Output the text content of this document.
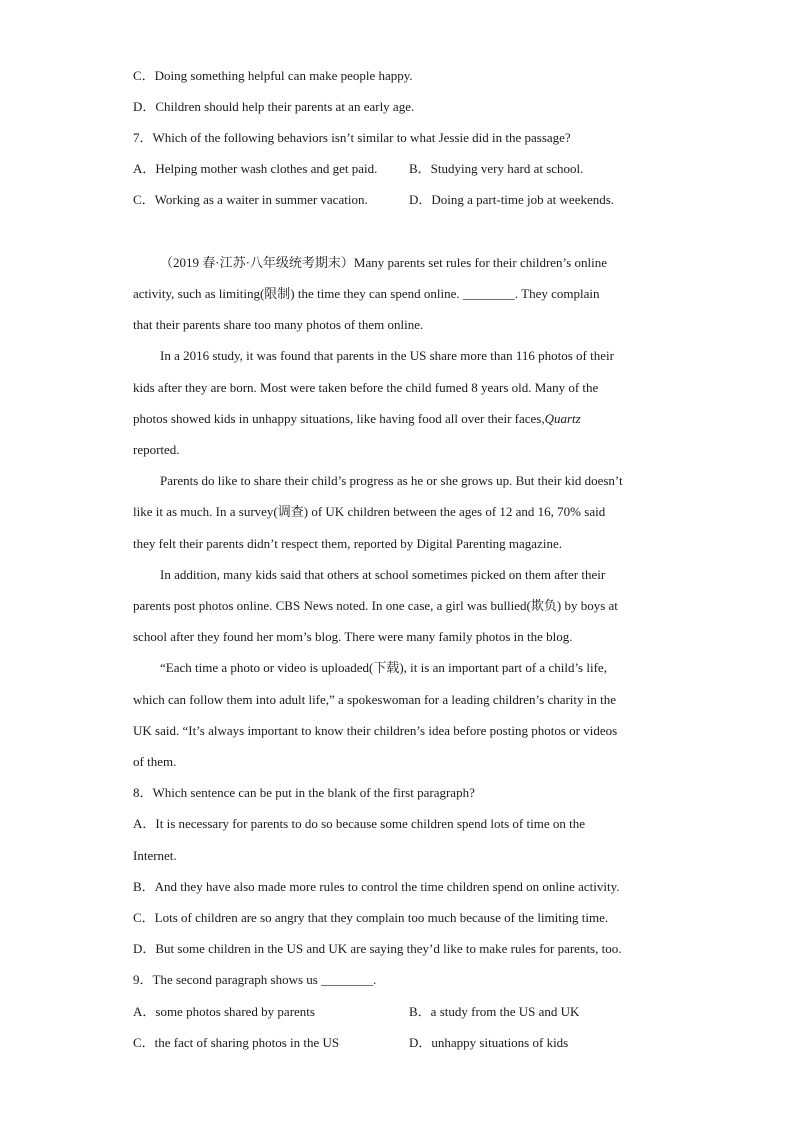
C．Doing something helpful can make people happy.
D．Children should help their parents at an early age.
7．Which of the following behaviors isn’t similar to what Jessie did in the passage?
A．Helping mother wash clothes and get paid. B．Studying very hard at school.
C．Working as a waiter in summer vacation.	D．Doing a part-time job at weekends.
（2019 春·江苏·八年级统考期末）Many parents set rules for their children’s online
activity, such as limiting(限制) the time they can spend online. ________. They complain
that their parents share too many photos of them online.
In a 2016 study, it was found that parents in the US share more than 116 photos of their
kids after they are born. Most were taken before the child fumed 8 years old. Many of the
photos showed kids in unhappy situations, like having food all over their faces,Quartz
reported.
Parents do like to share their child’s progress as he or she grows up. But their kid doesn’t
like it as much. In a survey(调查) of UK children between the ages of 12 and 16, 70% said
they felt their parents didn’t respect them, reported by Digital Parenting magazine.
In addition, many kids said that others at school sometimes picked on them after their
parents post photos online. CBS News noted. In one case, a girl was bullied(欺负) by boys at
school after they found her mom’s blog. There were many family photos in the blog.
“Each time a photo or video is uploaded(下载), it is an important part of a child’s life,
which can follow them into adult life,” a spokeswoman for a leading children’s charity in the
UK said. “It’s always important to know their children’s idea before posting photos or videos
of them.
8．Which sentence can be put in the blank of the first paragraph?
A．It is necessary for parents to do so because some children spend lots of time on the
Internet.
B．And they have also made more rules to control the time children spend on online activity.
C．Lots of children are so angry that they complain too much because of the limiting time.
D．But some children in the US and UK are saying they’d like to make rules for parents, too.
9．The second paragraph shows us ________.
A．some photos shared by parents	B．a study from the US and UK
C．the fact of sharing photos in the US	D．unhappy situations of kids
